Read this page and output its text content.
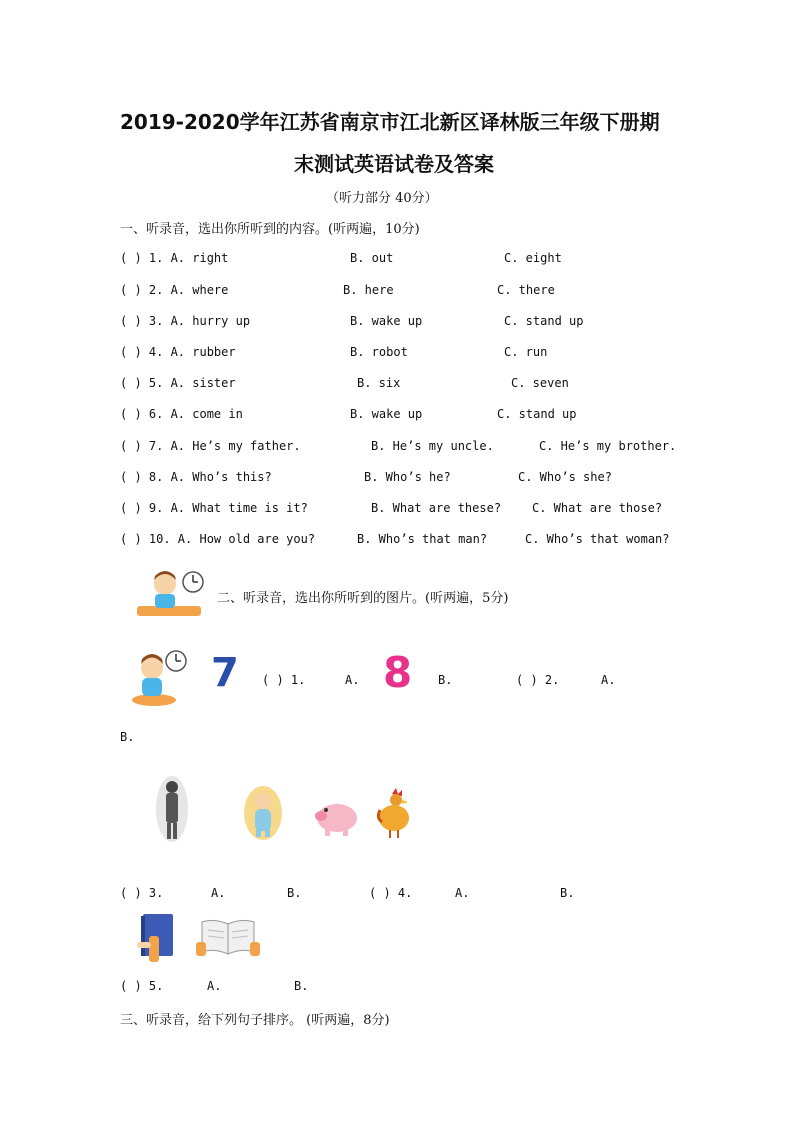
2019-2020学年江苏省南京市江北新区译林版三年级下册期
末测试英语试卷及答案
（听力部分 40分）
一、听录音，选出你所听到的内容。(听两遍，10分)
( ) 1. A. right	B. out	C. eight
( ) 2. A. where	B. here	C. there
( ) 3. A. hurry up	B. wake up	C. stand up
( ) 4. A. rubber	B. robot	C. run
( ) 5. A. sister	B. six	C. seven
( ) 6. A. come in	B. wake up	C. stand up
( ) 7. A. He’s my father.	B. He’s my uncle.	C. He’s my brother.
( ) 8. A. Who’s this?	B. Who’s he?	C. Who’s she?
( ) 9. A. What time is it?	B. What are these?	C. What are those?
( ) 10. A. How old are you?	B. Who’s that man?	C. Who’s that woman?
二、听录音，选出你所听到的图片。(听两遍，5分)
7 ( ) 1.	A. 8 B.	( ) 2.	A.
B.
( ) 3.	A.	B.	( ) 4.	A.	B.
( ) 5.	A.	B.
三、听录音，给下列句子排序。 (听两遍，8分)
